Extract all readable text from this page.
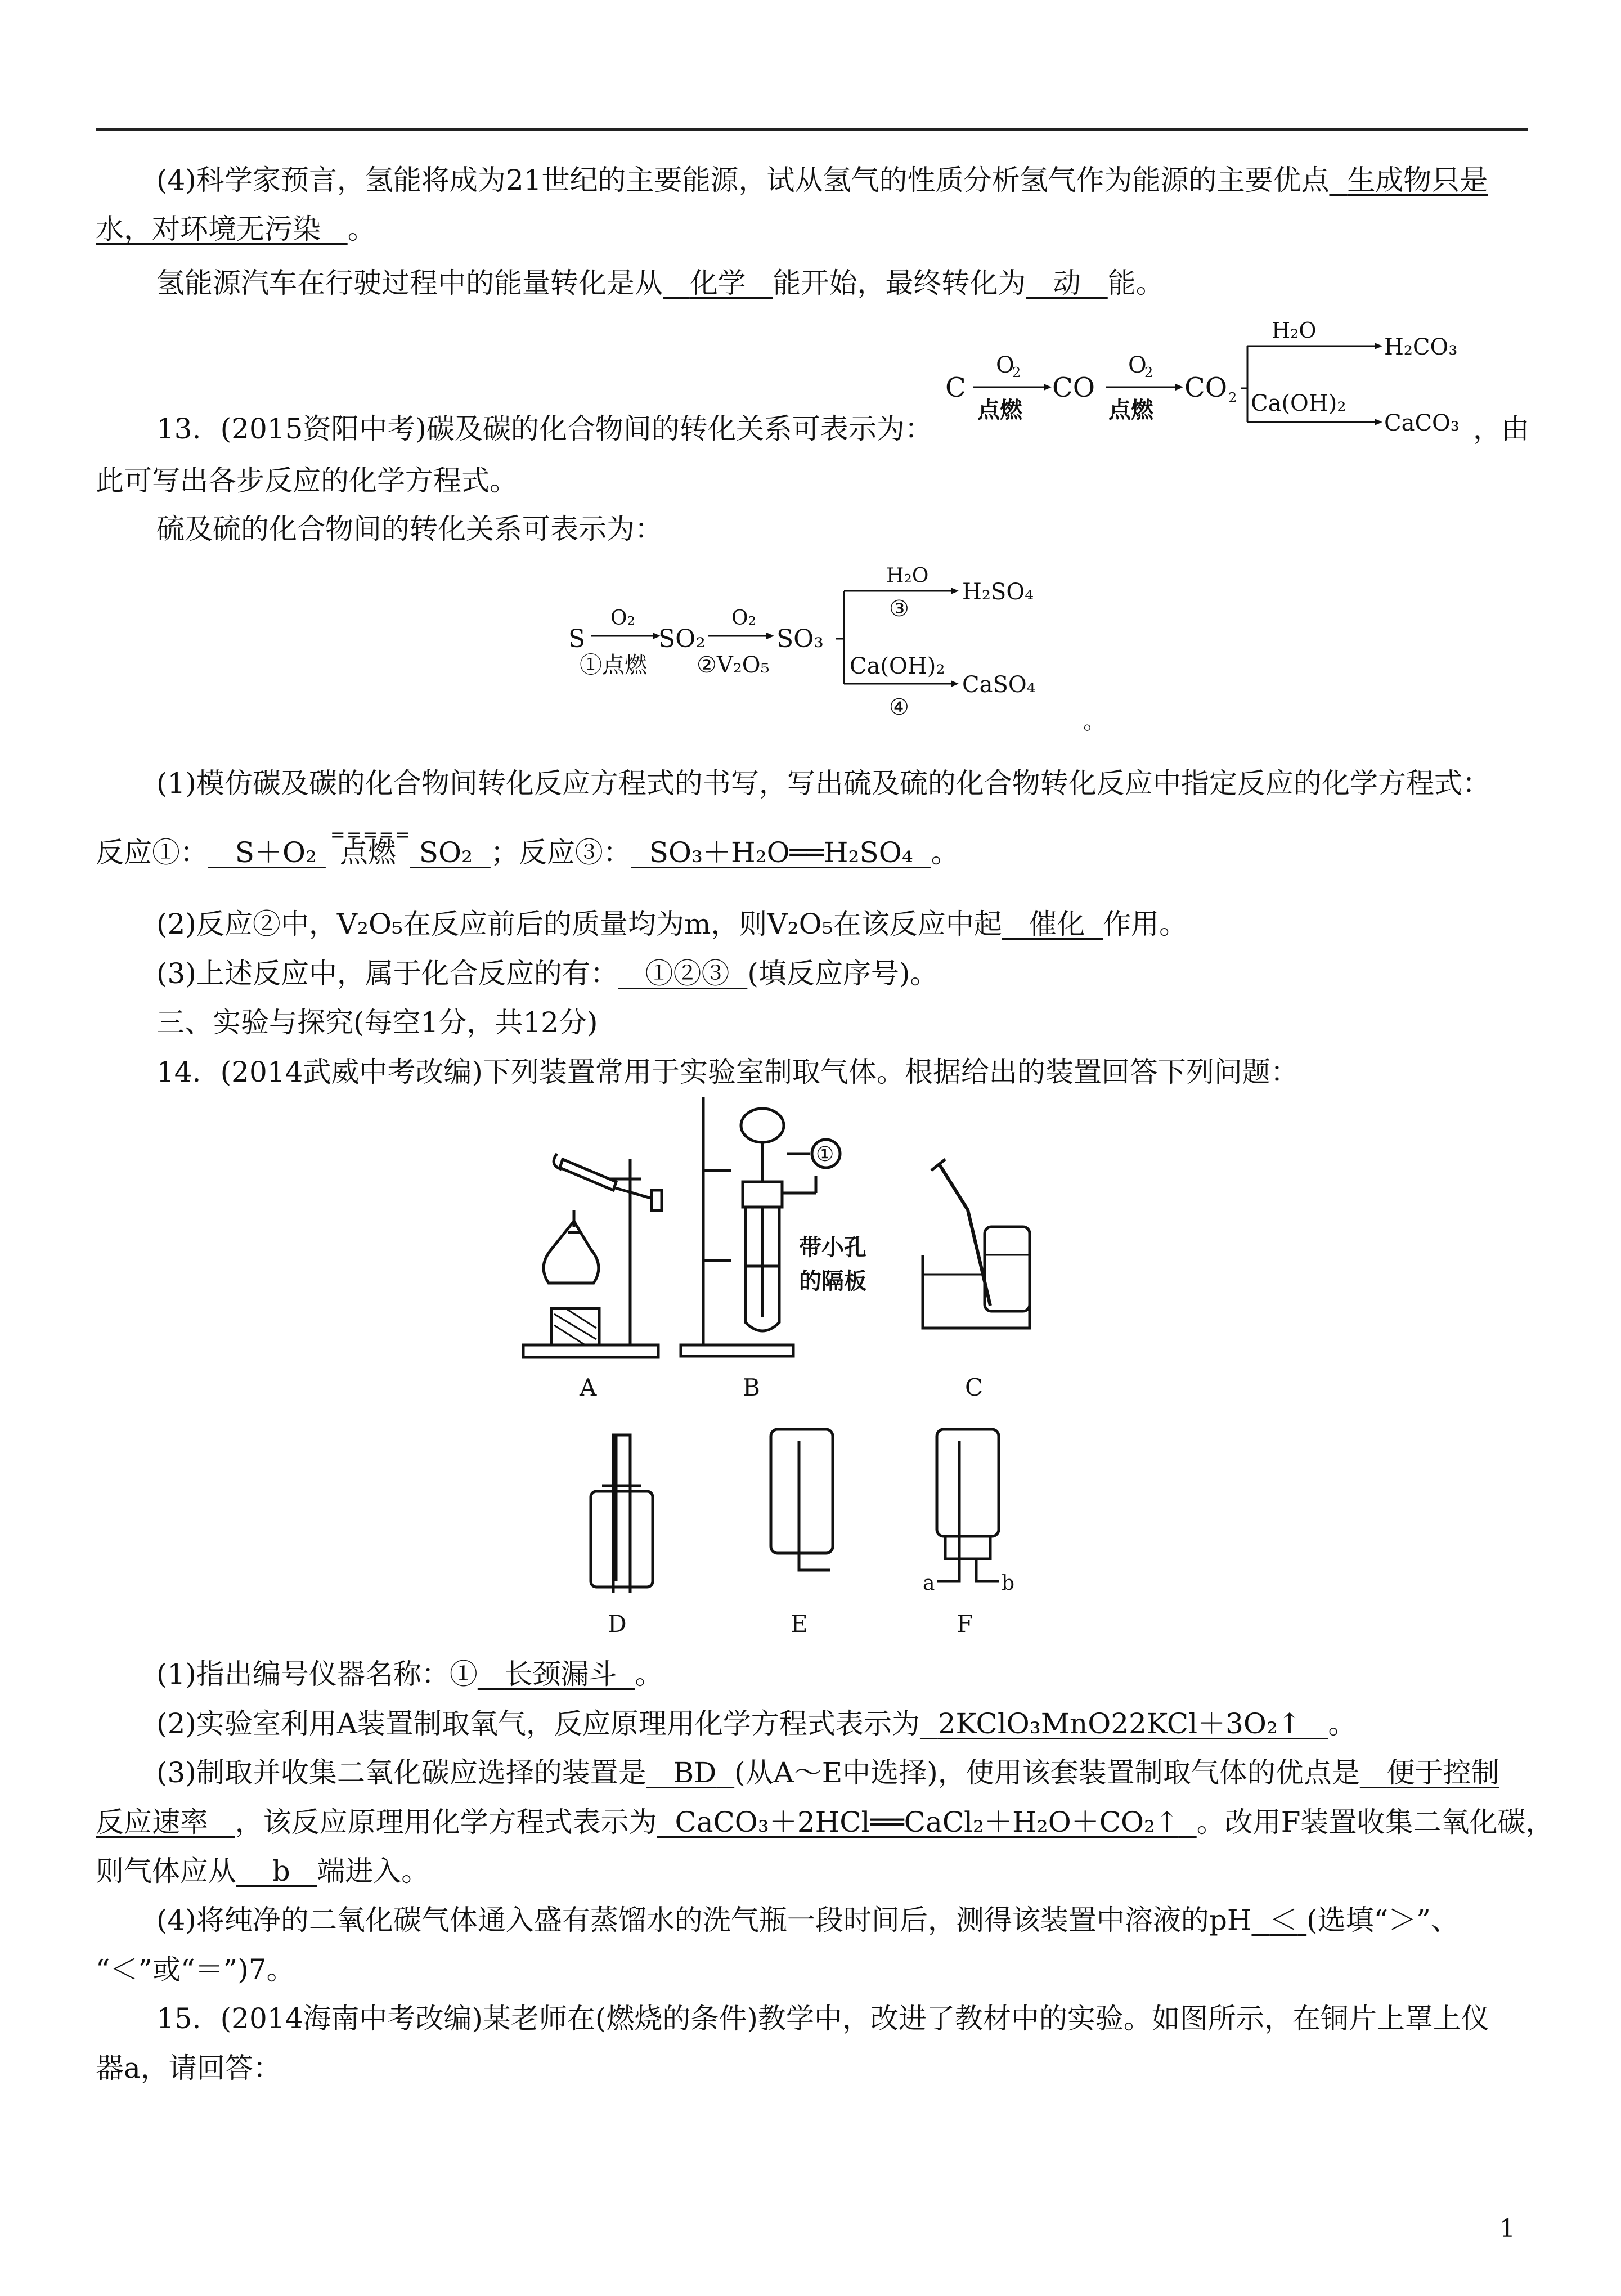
(4)科学家预言，氢能将成为21世纪的主要能源，试从氢气的性质分析氢气作为能源的主要优点 生成物只是
水，对环境无污染 。
氢能源汽车在行驶过程中的能量转化是从 化学 能开始，最终转化为 动 能。
13．(2015资阳中考)碳及碳的化合物间的转化关系可表示为：
C
O
2
点燃
CO
O
2
点燃
CO 2
H₂O
H₂CO₃
Ca(OH)₂
CaCO₃ ，由
此可写出各步反应的化学方程式。
硫及硫的化合物间的转化关系可表示为：
S
O₂
①点燃
SO₂
O₂
②V₂O₅
SO₃
H₂O
③
H₂SO₄
Ca(OH)₂
④
CaSO₄
。
(1)模仿碳及碳的化合物间转化反应方程式的书写，写出硫及硫的化合物转化反应中指定反应的化学方程式：
反应①： S＋O₂
=====
点燃 SO₂ ；反应③： SO₃＋H₂O══H₂SO₄ 。
(2)反应②中，V₂O₅在反应前后的质量均为m，则V₂O₅在该反应中起 催化 作用。
(3)上述反应中，属于化合反应的有： ①②③ (填反应序号)。
三、实验与探究(每空1分，共12分)
14．(2014武威中考改编)下列装置常用于实验室制取气体。根据给出的装置回答下列问题：
A
①
带小孔
的隔板
B	C
D	E
a	b
F
(1)指出编号仪器名称：① 长颈漏斗 。
(2)实验室利用A装置制取氧气，反应原理用化学方程式表示为 2KClO₃MnO22KCl＋3O₂↑ 。
(3)制取并收集二氧化碳应选择的装置是 BD (从A～E中选择)，使用该套装置制取气体的优点是 便于控制
反应速率 ，该反应原理用化学方程式表示为 CaCO₃＋2HCl══CaCl₂＋H₂O＋CO₂↑ 。改用F装置收集二氧化碳，
则气体应从 b 端进入。
(4)将纯净的二氧化碳气体通入盛有蒸馏水的洗气瓶一段时间后，测得该装置中溶液的pH ＜ (选填“＞”、
“＜”或“＝”)7。
15．(2014海南中考改编)某老师在(燃烧的条件)教学中，改进了教材中的实验。如图所示，在铜片上罩上仪
器a，请回答：
1
